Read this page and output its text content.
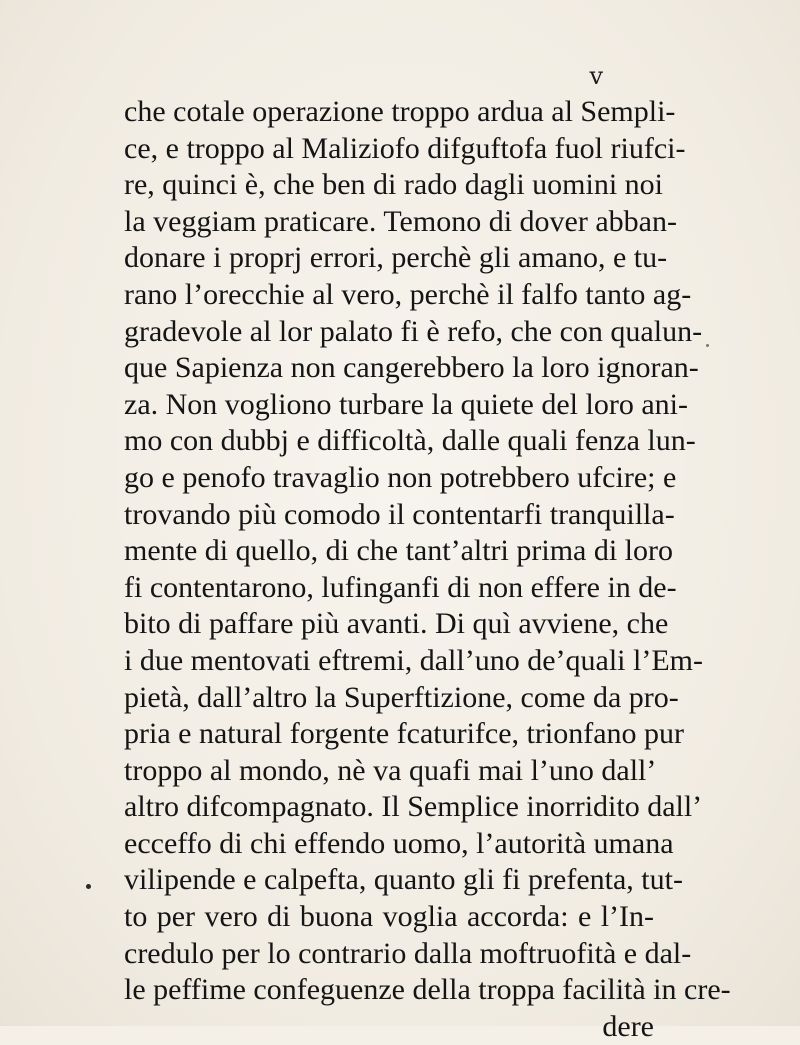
v
che cotale operazione troppo ardua al Sempli-
ce, e troppo al Maliziofo difguftofa fuol riufci-
re, quinci è, che ben di rado dagli uomini noi
la veggiam praticare. Temono di dover abban-
donare i proprj errori, perchè gli amano, e tu-
rano l’orecchie al vero, perchè il falfo tanto ag-
gradevole al lor palato fi è refo, che con qualun-
que Sapienza non cangerebbero la loro ignoran-
za. Non vogliono turbare la quiete del loro ani-
mo con dubbj e difficoltà, dalle quali fenza lun-
go e penofo travaglio non potrebbero ufcire; e
trovando più comodo il contentarfi tranquilla-
mente di quello, di che tant’altri prima di loro
fi contentarono, lufinganfi di non effere in de-
bito di paffare più avanti. Di quì avviene, che
i due mentovati eftremi, dall’uno de’quali l’Em-
pietà, dall’altro la Superftizione, come da pro-
pria e natural forgente fcaturifce, trionfano pur
troppo al mondo, nè va quafi mai l’uno dall’
altro difcompagnato. Il Semplice inorridito dall’
ecceffo di chi effendo uomo, l’autorità umana
vilipende e calpefta, quanto gli fi prefenta, tut-
to per vero di buona voglia accorda: e l’In-
credulo per lo contrario dalla moftruofità e dal-
le peffime confeguenze della troppa facilità in cre-
dere
